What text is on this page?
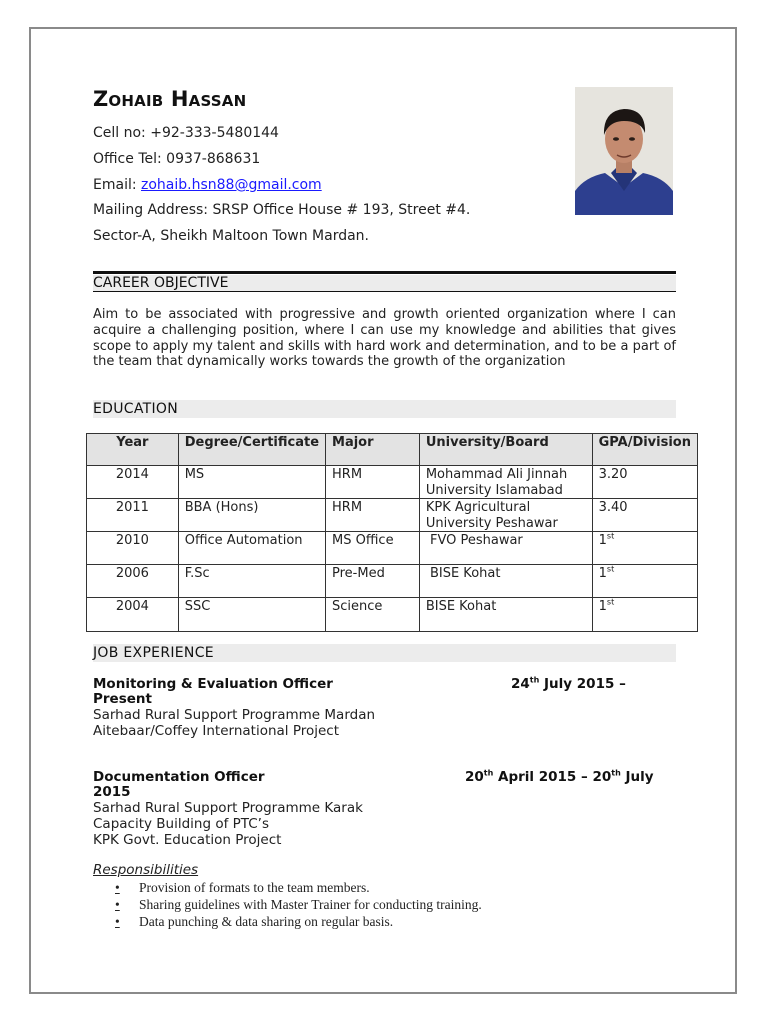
Zohaib Hassan
Cell no: +92-333-5480144
Office Tel: 0937-868631
Email: zohaib.hsn88@gmail.com
Mailing Address: SRSP Office House # 193, Street #4.
Sector-A, Sheikh Maltoon Town Mardan.
CAREER OBJECTIVE
Aim to be associated with progressive and growth oriented organization where I can acquire a challenging position, where I can use my knowledge and abilities that gives scope to apply my talent and skills with hard work and determination, and to be a part of the team that dynamically works towards the growth of the organization
EDUCATION
Year	Degree/Certificate	Major	University/Board	GPA/Division
2014	MS	HRM	Mohammad Ali Jinnah University Islamabad	3.20
2011	BBA (Hons)	HRM	KPK Agricultural University Peshawar	3.40
2010	Office Automation	MS Office	FVO Peshawar	1st
2006	F.Sc	Pre-Med	BISE Kohat	1st
2004	SSC	Science	BISE Kohat	1st
JOB EXPERIENCE
Monitoring & Evaluation Officer	24th July 2015 –
Present
Sarhad Rural Support Programme Mardan
Aitebaar/Coffey International Project
Documentation Officer	20th April 2015 – 20th July
2015
Sarhad Rural Support Programme Karak
Capacity Building of PTC’s
KPK Govt. Education Project
Responsibilities
• Provision of formats to the team members.
• Sharing guidelines with Master Trainer for conducting training.
• Data punching & data sharing on regular basis.
